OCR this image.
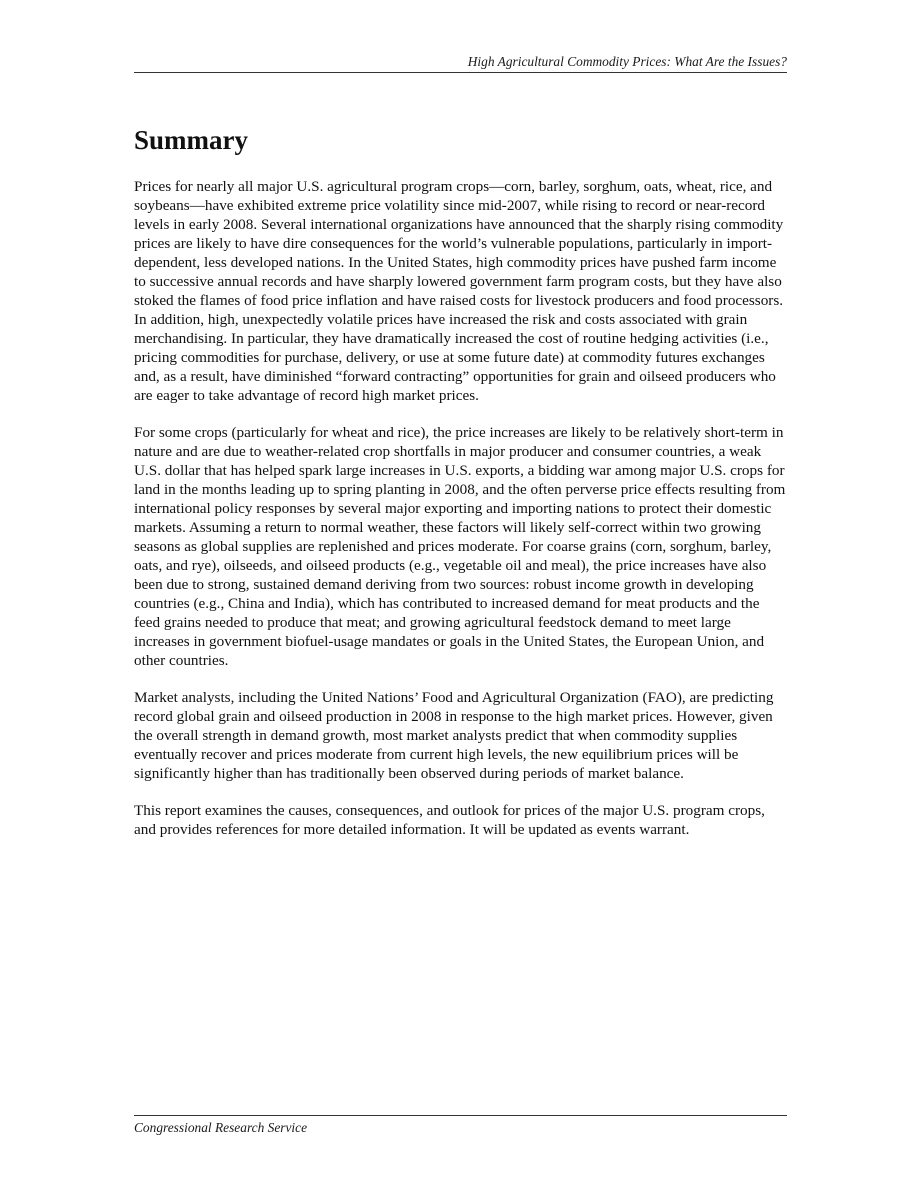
High Agricultural Commodity Prices: What Are the Issues?
Summary

Prices for nearly all major U.S. agricultural program crops—corn, barley, sorghum, oats, wheat, rice, and soybeans—have exhibited extreme price volatility since mid-2007, while rising to record or near-record levels in early 2008. Several international organizations have announced that the sharply rising commodity prices are likely to have dire consequences for the world’s vulnerable populations, particularly in import-dependent, less developed nations. In the United States, high commodity prices have pushed farm income to successive annual records and have sharply lowered government farm program costs, but they have also stoked the flames of food price inflation and have raised costs for livestock producers and food processors. In addition, high, unexpectedly volatile prices have increased the risk and costs associated with grain merchandising. In particular, they have dramatically increased the cost of routine hedging activities (i.e., pricing commodities for purchase, delivery, or use at some future date) at commodity futures exchanges and, as a result, have diminished “forward contracting” opportunities for grain and oilseed producers who are eager to take advantage of record high market prices.

For some crops (particularly for wheat and rice), the price increases are likely to be relatively short-term in nature and are due to weather-related crop shortfalls in major producer and consumer countries, a weak U.S. dollar that has helped spark large increases in U.S. exports, a bidding war among major U.S. crops for land in the months leading up to spring planting in 2008, and the often perverse price effects resulting from international policy responses by several major exporting and importing nations to protect their domestic markets. Assuming a return to normal weather, these factors will likely self-correct within two growing seasons as global supplies are replenished and prices moderate. For coarse grains (corn, sorghum, barley, oats, and rye), oilseeds, and oilseed products (e.g., vegetable oil and meal), the price increases have also been due to strong, sustained demand deriving from two sources: robust income growth in developing countries (e.g., China and India), which has contributed to increased demand for meat products and the feed grains needed to produce that meat; and growing agricultural feedstock demand to meet large increases in government biofuel-usage mandates or goals in the United States, the European Union, and other countries.

Market analysts, including the United Nations’ Food and Agricultural Organization (FAO), are predicting record global grain and oilseed production in 2008 in response to the high market prices. However, given the overall strength in demand growth, most market analysts predict that when commodity supplies eventually recover and prices moderate from current high levels, the new equilibrium prices will be significantly higher than has traditionally been observed during periods of market balance.

This report examines the causes, consequences, and outlook for prices of the major U.S. program crops, and provides references for more detailed information. It will be updated as events warrant.

Congressional Research Service
